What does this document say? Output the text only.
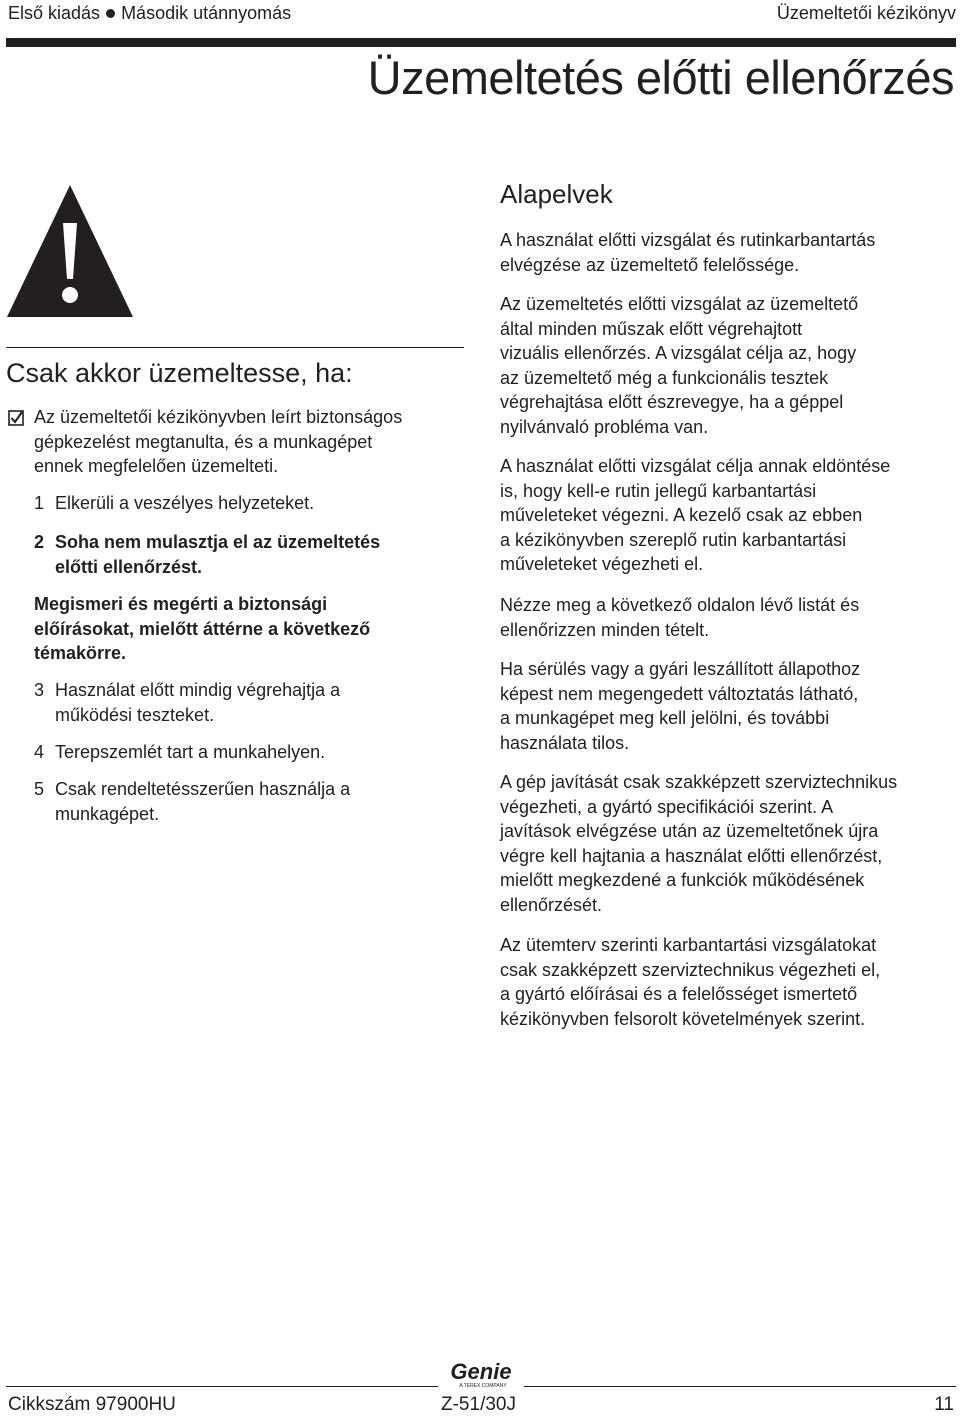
Első kiadás Második utánnyomás	Üzemeltetői kézikönyv
Üzemeltetés előtti ellenőrzés
Csak akkor üzemeltesse, ha:
Az üzemeltetői kézikönyvben leírt biztonságos
gépkezelést megtanulta, és a munkagépet
ennek megfelelően üzemelteti.
1 Elkerüli a veszélyes helyzeteket.
2 Soha nem mulasztja el az üzemeltetés
előtti ellenőrzést.
Megismeri és megérti a biztonsági
előírásokat, mielőtt áttérne a következő
témakörre.
3 Használat előtt mindig végrehajtja a
működési teszteket.
4 Terepszemlét tart a munkahelyen.
5 Csak rendeltetésszerűen használja a
munkagépet.
Alapelvek
A használat előtti vizsgálat és rutinkarbantartás
elvégzése az üzemeltető felelőssége.
Az üzemeltetés előtti vizsgálat az üzemeltető
által minden műszak előtt végrehajtott
vizuális ellenőrzés. A vizsgálat célja az, hogy
az üzemeltető még a funkcionális tesztek
végrehajtása előtt észrevegye, ha a géppel
nyilvánvaló probléma van.
A használat előtti vizsgálat célja annak eldöntése
is, hogy kell-e rutin jellegű karbantartási
műveleteket végezni. A kezelő csak az ebben
a kézikönyvben szereplő rutin karbantartási
műveleteket végezheti el.
Nézze meg a következő oldalon lévő listát és
ellenőrizzen minden tételt.
Ha sérülés vagy a gyári leszállított állapothoz
képest nem megengedett változtatás látható,
a munkagépet meg kell jelölni, és további
használata tilos.
A gép javítását csak szakképzett szerviztechnikus
végezheti, a gyártó specifikációi szerint. A
javítások elvégzése után az üzemeltetőnek újra
végre kell hajtania a használat előtti ellenőrzést,
mielőtt megkezdené a funkciók működésének
ellenőrzését.
Az ütemterv szerinti karbantartási vizsgálatokat
csak szakképzett szerviztechnikus végezheti el,
a gyártó előírásai és a felelősséget ismertető
kézikönyvben felsorolt követelmények szerint.
Genie
A TEREX COMPANY
Cikkszám 97900HU	Z-51/30J	11
